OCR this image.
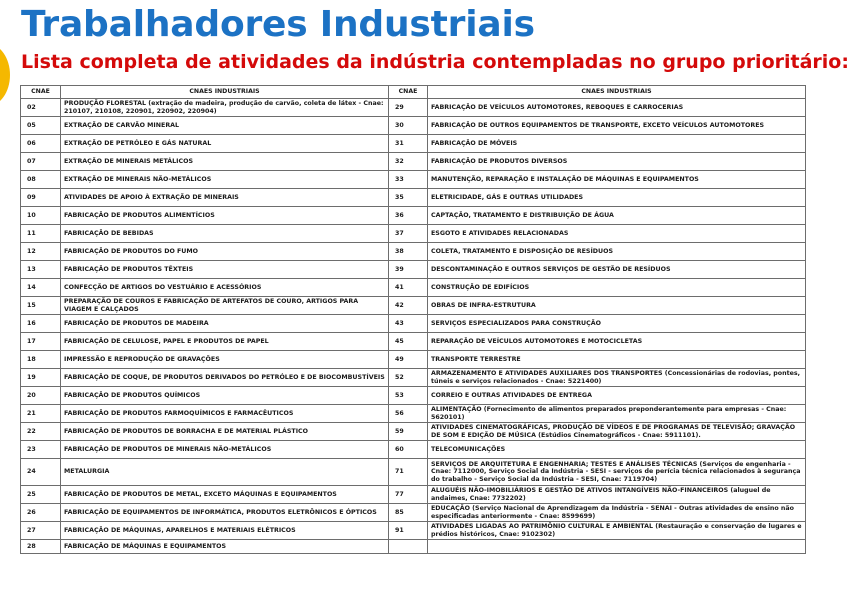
Trabalhadores Industriais
Lista completa de atividades da indústria contempladas no grupo prioritário:
CNAE	CNAES INDUSTRIAIS	CNAE	CNAES INDUSTRIAIS
02	PRODUÇÃO FLORESTAL (extração de madeira, produção de carvão, coleta de látex - Cnae: 210107, 210108, 220901, 220902, 220904)	29	FABRICAÇÃO DE VEÍCULOS AUTOMOTORES, REBOQUES E CARROCERIAS
05	EXTRAÇÃO DE CARVÃO MINERAL	30	FABRICAÇÃO DE OUTROS EQUIPAMENTOS DE TRANSPORTE, EXCETO VEÍCULOS AUTOMOTORES
06	EXTRAÇÃO DE PETRÓLEO E GÁS NATURAL	31	FABRICAÇÃO DE MÓVEIS
07	EXTRAÇÃO DE MINERAIS METÁLICOS	32	FABRICAÇÃO DE PRODUTOS DIVERSOS
08	EXTRAÇÃO DE MINERAIS NÃO-METÁLICOS	33	MANUTENÇÃO, REPARAÇÃO E INSTALAÇÃO DE MÁQUINAS E EQUIPAMENTOS
09	ATIVIDADES DE APOIO À EXTRAÇÃO DE MINERAIS	35	ELETRICIDADE, GÁS E OUTRAS UTILIDADES
10	FABRICAÇÃO DE PRODUTOS ALIMENTÍCIOS	36	CAPTAÇÃO, TRATAMENTO E DISTRIBUIÇÃO DE ÁGUA
11	FABRICAÇÃO DE BEBIDAS	37	ESGOTO E ATIVIDADES RELACIONADAS
12	FABRICAÇÃO DE PRODUTOS DO FUMO	38	COLETA, TRATAMENTO E DISPOSIÇÃO DE RESÍDUOS
13	FABRICAÇÃO DE PRODUTOS TÊXTEIS	39	DESCONTAMINAÇÃO E OUTROS SERVIÇOS DE GESTÃO DE RESÍDUOS
14	CONFECÇÃO DE ARTIGOS DO VESTUÁRIO E ACESSÓRIOS	41	CONSTRUÇÃO DE EDIFÍCIOS
15	PREPARAÇÃO DE COUROS E FABRICAÇÃO DE ARTEFATOS DE COURO, ARTIGOS PARA VIAGEM E CALÇADOS	42	OBRAS DE INFRA-ESTRUTURA
16	FABRICAÇÃO DE PRODUTOS DE MADEIRA	43	SERVIÇOS ESPECIALIZADOS PARA CONSTRUÇÃO
17	FABRICAÇÃO DE CELULOSE, PAPEL E PRODUTOS DE PAPEL	45	REPARAÇÃO DE VEÍCULOS AUTOMOTORES E MOTOCICLETAS
18	IMPRESSÃO E REPRODUÇÃO DE GRAVAÇÕES	49	TRANSPORTE TERRESTRE
19	FABRICAÇÃO DE COQUE, DE PRODUTOS DERIVADOS DO PETRÓLEO E DE BIOCOMBUSTÍVEIS	52	ARMAZENAMENTO E ATIVIDADES AUXILIARES DOS TRANSPORTES (Concessionárias de rodovias, pontes, túneis e serviços relacionados - Cnae: 5221400)
20	FABRICAÇÃO DE PRODUTOS QUÍMICOS	53	CORREIO E OUTRAS ATIVIDADES DE ENTREGA
21	FABRICAÇÃO DE PRODUTOS FARMOQUÍMICOS E FARMACÊUTICOS	56	ALIMENTAÇÃO (Fornecimento de alimentos preparados preponderantemente para empresas - Cnae: 5620101)
22	FABRICAÇÃO DE PRODUTOS DE BORRACHA E DE MATERIAL PLÁSTICO	59	ATIVIDADES CINEMATOGRÁFICAS, PRODUÇÃO DE VÍDEOS E DE PROGRAMAS DE TELEVISÃO; GRAVAÇÃO DE SOM E EDIÇÃO DE MÚSICA (Estúdios Cinematográficos - Cnae: 5911101).
23	FABRICAÇÃO DE PRODUTOS DE MINERAIS NÃO-METÁLICOS	60	TELECOMUNICAÇÕES
24	METALURGIA	71	SERVIÇOS DE ARQUITETURA E ENGENHARIA; TESTES E ANÁLISES TÉCNICAS (Serviços de engenharia - Cnae: 7112000, Serviço Social da Indústria - SESI - serviços de perícia técnica relacionados à segurança do trabalho - Serviço Social da Indústria - SESI, Cnae: 7119704)
25	FABRICAÇÃO DE PRODUTOS DE METAL, EXCETO MÁQUINAS E EQUIPAMENTOS	77	ALUGUÉIS NÃO-IMOBILIÁRIOS E GESTÃO DE ATIVOS INTANGÍVEIS NÃO-FINANCEIROS (aluguel de andaimes, Cnae: 7732202)
26	FABRICAÇÃO DE EQUIPAMENTOS DE INFORMÁTICA, PRODUTOS ELETRÔNICOS E ÓPTICOS	85	EDUCAÇÃO (Serviço Nacional de Aprendizagem da Indústria - SENAI - Outras atividades de ensino não especificadas anteriormente - Cnae: 8599699)
27	FABRICAÇÃO DE MÁQUINAS, APARELHOS E MATERIAIS ELÉTRICOS	91	ATIVIDADES LIGADAS AO PATRIMÔNIO CULTURAL E AMBIENTAL (Restauração e conservação de lugares e prédios históricos, Cnae: 9102302)
28	FABRICAÇÃO DE MÁQUINAS E EQUIPAMENTOS		
